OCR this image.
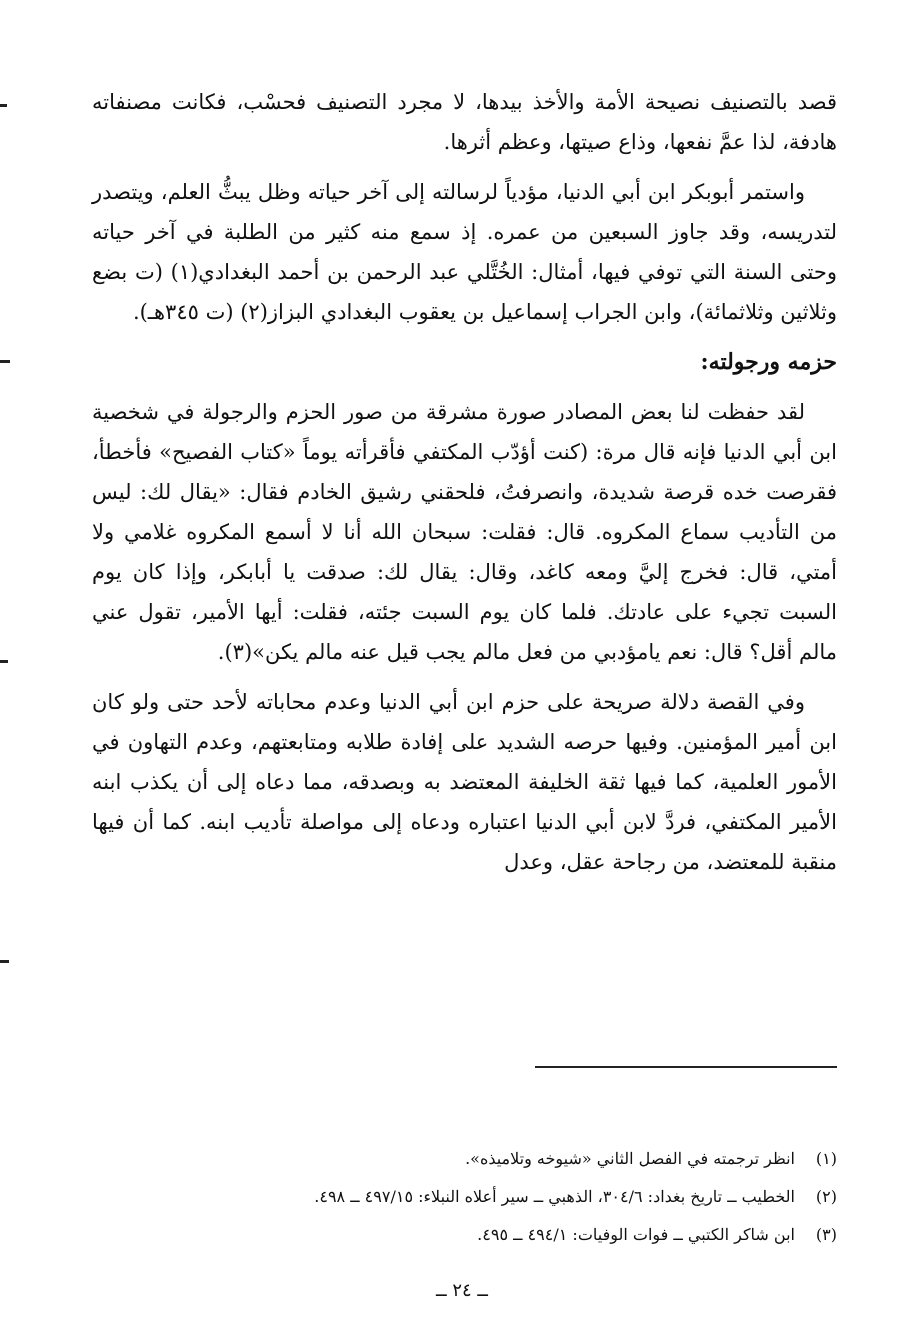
قصد بالتصنيف نصيحة الأمة والأخذ بيدها، لا مجرد التصنيف فحسْب، فكانت مصنفاته هادفة، لذا عمَّ نفعها، وذاع صيتها، وعظم أثرها.

واستمر أبوبكر ابن أبي الدنيا، مؤدياً لرسالته إلى آخر حياته وظل يبثُّ العلم، ويتصدر لتدريسه، وقد جاوز السبعين من عمره. إذ سمع منه كثير من الطلبة في آخر حياته وحتى السنة التي توفي فيها، أمثال: الخُتَّلي عبد الرحمن بن أحمد البغدادي(١) (ت بضع وثلاثين وثلاثمائة)، وابن الجراب إسماعيل بن يعقوب البغدادي البزاز(٢) (ت ٣٤٥هـ).

حزمه ورجولته:

لقد حفظت لنا بعض المصادر صورة مشرقة من صور الحزم والرجولة في شخصية ابن أبي الدنيا فإنه قال مرة: (كنت أؤدّب المكتفي فأقرأته يوماً «كتاب الفصيح» فأخطأ، فقرصت خده قرصة شديدة، وانصرفتُ، فلحقني رشيق الخادم فقال: «يقال لك: ليس من التأديب سماع المكروه. قال: فقلت: سبحان الله أنا لا أسمع المكروه غلامي ولا أمتي، قال: فخرج إليَّ ومعه كاغد، وقال: يقال لك: صدقت يا أبابكر، وإذا كان يوم السبت تجيء على عادتك. فلما كان يوم السبت جئته، فقلت: أيها الأمير، تقول عني مالم أقل؟ قال: نعم يامؤدبي من فعل مالم يجب قيل عنه مالم يكن»(٣).

وفي القصة دلالة صريحة على حزم ابن أبي الدنيا وعدم محاباته لأحد حتى ولو كان ابن أمير المؤمنين. وفيها حرصه الشديد على إفادة طلابه ومتابعتهم، وعدم التهاون في الأمور العلمية، كما فيها ثقة الخليفة المعتضد به وبصدقه، مما دعاه إلى أن يكذب ابنه الأمير المكتفي، فردَّ لابن أبي الدنيا اعتباره ودعاه إلى مواصلة تأديب ابنه. كما أن فيها منقبة للمعتضد، من رجاحة عقل، وعدل

(١)
انظر ترجمته في الفصل الثاني «شيوخه وتلاميذه».
(٢)
الخطيب ــ تاريخ بغداد: ٣٠٤/٦، الذهبي ــ سير أعلاه النبلاء: ٤٩٧/١٥ ــ ٤٩٨.
(٣)
ابن شاكر الكتبي ــ فوات الوفيات: ٤٩٤/١ ــ ٤٩٥.
ــ ٢٤ ــ
